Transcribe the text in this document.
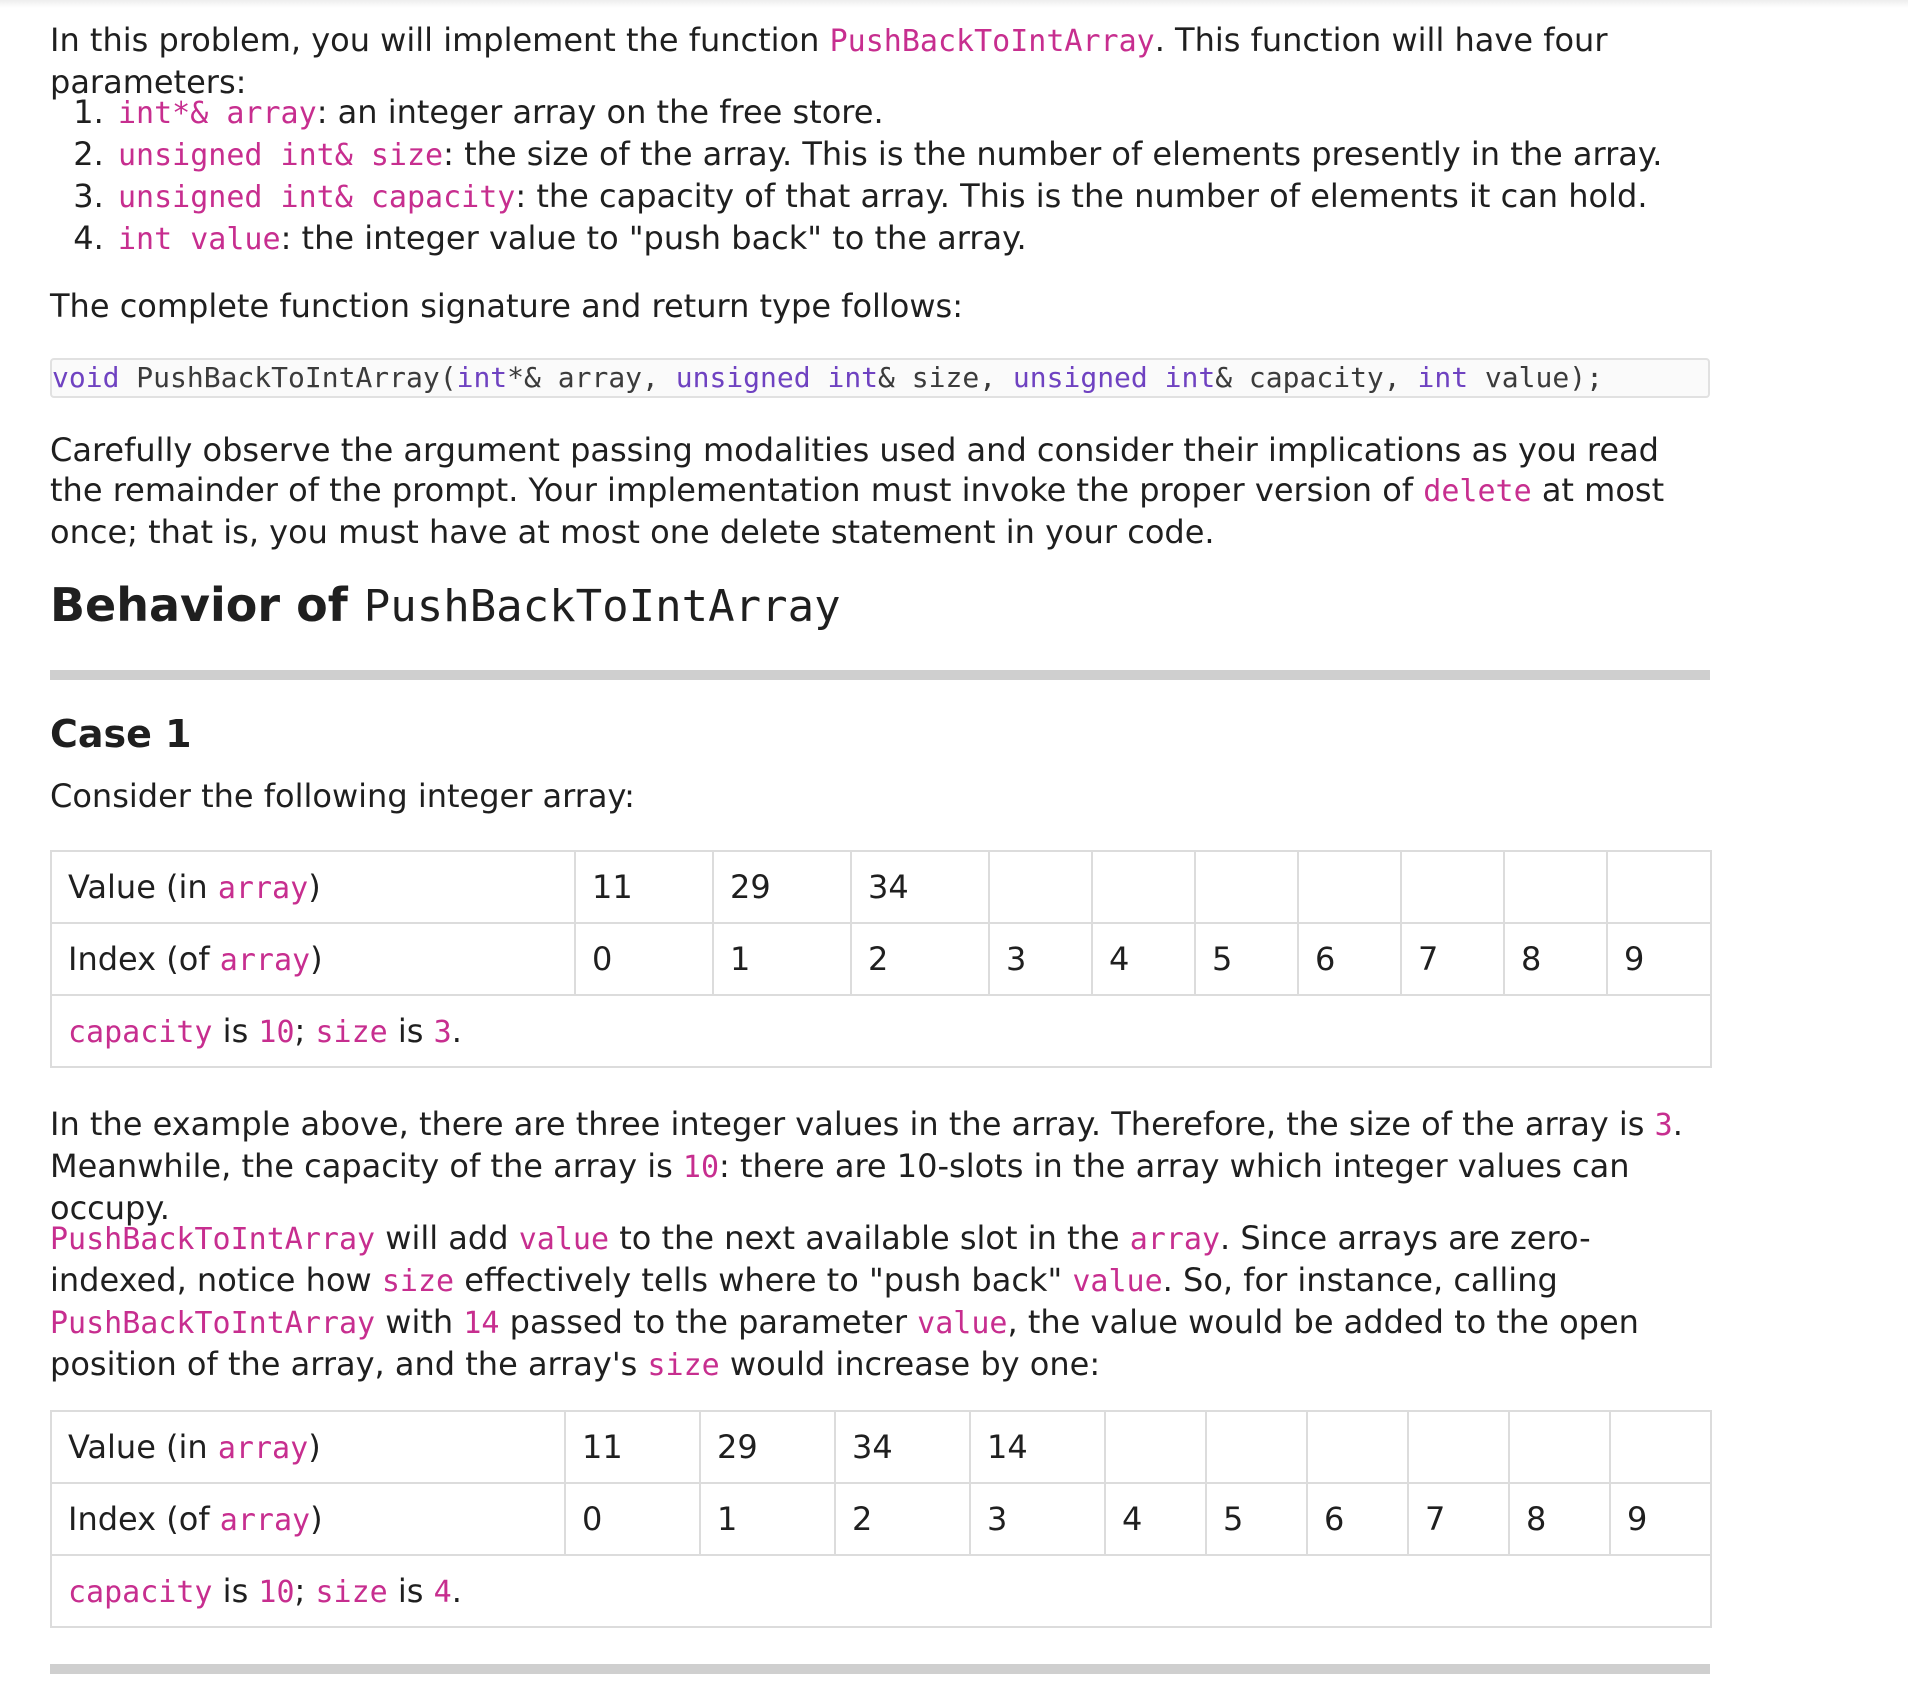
In this problem, you will implement the function PushBackToIntArray. This function will have four parameters:

1. int*& array: an integer array on the free store.
2. unsigned int& size: the size of the array. This is the number of elements presently in the array.
3. unsigned int& capacity: the capacity of that array. This is the number of elements it can hold.
4. int value: the integer value to "push back" to the array.

The complete function signature and return type follows:

void PushBackToIntArray(int*& array, unsigned int& size, unsigned int& capacity, int value);

Carefully observe the argument passing modalities used and consider their implications as you read the remainder of the prompt. Your implementation must invoke the proper version of delete at most once; that is, you must have at most one delete statement in your code.

Behavior of PushBackToIntArray
Case 1

Consider the following integer array:

Value (in array)	11	29	34							
Index (of array)	0	1	2	3	4	5	6	7	8	9
capacity is 10; size is 3.										

In the example above, there are three integer values in the array. Therefore, the size of the array is 3. Meanwhile, the capacity of the array is 10: there are 10-slots in the array which integer values can occupy.

PushBackToIntArray will add value to the next available slot in the array. Since arrays are zero-indexed, notice how size effectively tells where to "push back" value. So, for instance, calling PushBackToIntArray with 14 passed to the parameter value, the value would be added to the open position of the array, and the array's size would increase by one:

Value (in array)	11	29	34	14						
Index (of array)	0	1	2	3	4	5	6	7	8	9
capacity is 10; size is 4.										
